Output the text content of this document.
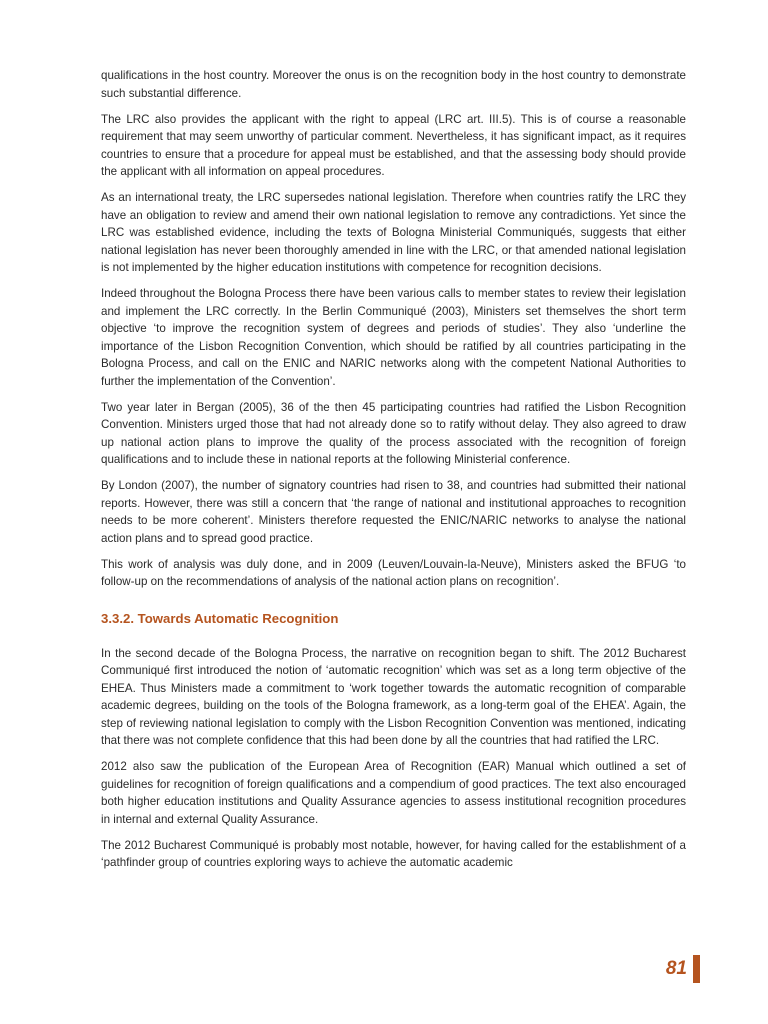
qualifications in the host country. Moreover the onus is on the recognition body in the host country to demonstrate such substantial difference.

The LRC also provides the applicant with the right to appeal (LRC art. III.5). This is of course a reasonable requirement that may seem unworthy of particular comment. Nevertheless, it has significant impact, as it requires countries to ensure that a procedure for appeal must be established, and that the assessing body should provide the applicant with all information on appeal procedures.

As an international treaty, the LRC supersedes national legislation. Therefore when countries ratify the LRC they have an obligation to review and amend their own national legislation to remove any contradictions. Yet since the LRC was established evidence, including the texts of Bologna Ministerial Communiqués, suggests that either national legislation has never been thoroughly amended in line with the LRC, or that amended national legislation is not implemented by the higher education institutions with competence for recognition decisions.

Indeed throughout the Bologna Process there have been various calls to member states to review their legislation and implement the LRC correctly. In the Berlin Communiqué (2003), Ministers set themselves the short term objective ‘to improve the recognition system of degrees and periods of studies’. They also ‘underline the importance of the Lisbon Recognition Convention, which should be ratified by all countries participating in the Bologna Process, and call on the ENIC and NARIC networks along with the competent National Authorities to further the implementation of the Convention’.

Two year later in Bergan (2005), 36 of the then 45 participating countries had ratified the Lisbon Recognition Convention. Ministers urged those that had not already done so to ratify without delay. They also agreed to draw up national action plans to improve the quality of the process associated with the recognition of foreign qualifications and to include these in national reports at the following Ministerial conference.

By London (2007), the number of signatory countries had risen to 38, and countries had submitted their national reports. However, there was still a concern that ‘the range of national and institutional approaches to recognition needs to be more coherent’. Ministers therefore requested the ENIC/NARIC networks to analyse the national action plans and to spread good practice.

This work of analysis was duly done, and in 2009 (Leuven/Louvain-la-Neuve), Ministers asked the BFUG ‘to follow-up on the recommendations of analysis of the national action plans on recognition’.

3.3.2. Towards Automatic Recognition

In the second decade of the Bologna Process, the narrative on recognition began to shift. The 2012 Bucharest Communiqué first introduced the notion of ‘automatic recognition’ which was set as a long term objective of the EHEA. Thus Ministers made a commitment to ‘work together towards the automatic recognition of comparable academic degrees, building on the tools of the Bologna framework, as a long-term goal of the EHEA’. Again, the step of reviewing national legislation to comply with the Lisbon Recognition Convention was mentioned, indicating that there was not complete confidence that this had been done by all the countries that had ratified the LRC.

2012 also saw the publication of the European Area of Recognition (EAR) Manual which outlined a set of guidelines for recognition of foreign qualifications and a compendium of good practices. The text also encouraged both higher education institutions and Quality Assurance agencies to assess institutional recognition procedures in internal and external Quality Assurance.

The 2012 Bucharest Communiqué is probably most notable, however, for having called for the establishment of a ‘pathfinder group of countries exploring ways to achieve the automatic academic

81
